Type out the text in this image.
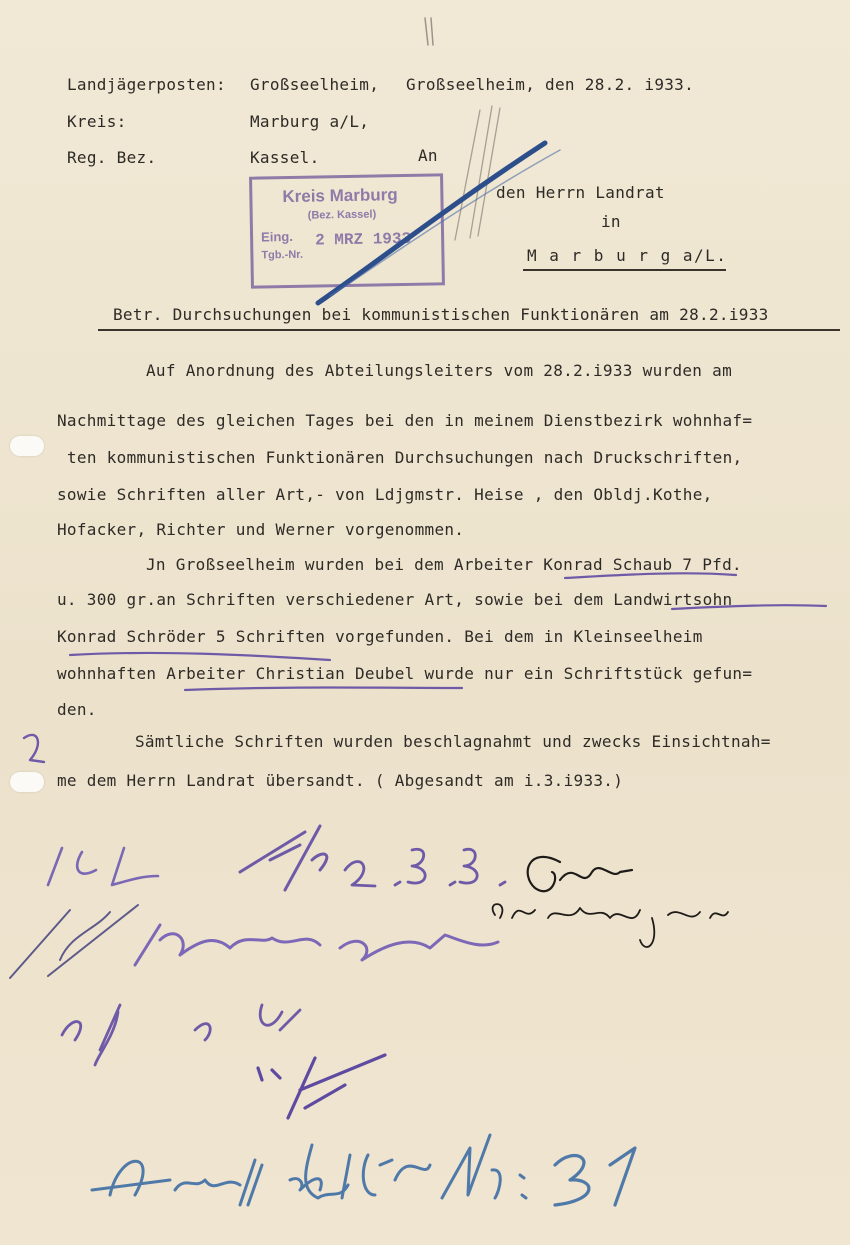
Landjägerposten: Großseelheim, Großseelheim, den 28.2. i933.
Kreis:	Marburg a/L,
Reg. Bez.	Kassel.	An
den Herrn Landrat
in
M a r b u r g a/L.
Kreis Marburg
(Bez. Kassel)
Eing. 2 MRZ 1933
Tgb.-Nr.
Betr. Durchsuchungen bei kommunistischen Funktionären am 28.2.i933
Auf Anordnung des Abteilungsleiters vom 28.2.i933 wurden am
Nachmittage des gleichen Tages bei den in meinem Dienstbezirk wohnhaf=
ten kommunistischen Funktionären Durchsuchungen nach Druckschriften,
sowie Schriften aller Art,- von Ldjgmstr. Heise , den Obldj.Kothe,
Hofacker, Richter und Werner vorgenommen.
Jn Großseelheim wurden bei dem Arbeiter Konrad Schaub 7 Pfd.
u. 300 gr.an Schriften verschiedener Art, sowie bei dem Landwirtsohn
Konrad Schröder 5 Schriften vorgefunden. Bei dem in Kleinseelheim
wohnhaften Arbeiter Christian Deubel wurde nur ein Schriftstück gefun=
den.
Sämtliche Schriften wurden beschlagnahmt und zwecks Einsichtnah=
me dem Herrn Landrat übersandt. ( Abgesandt am i.3.i933.)
